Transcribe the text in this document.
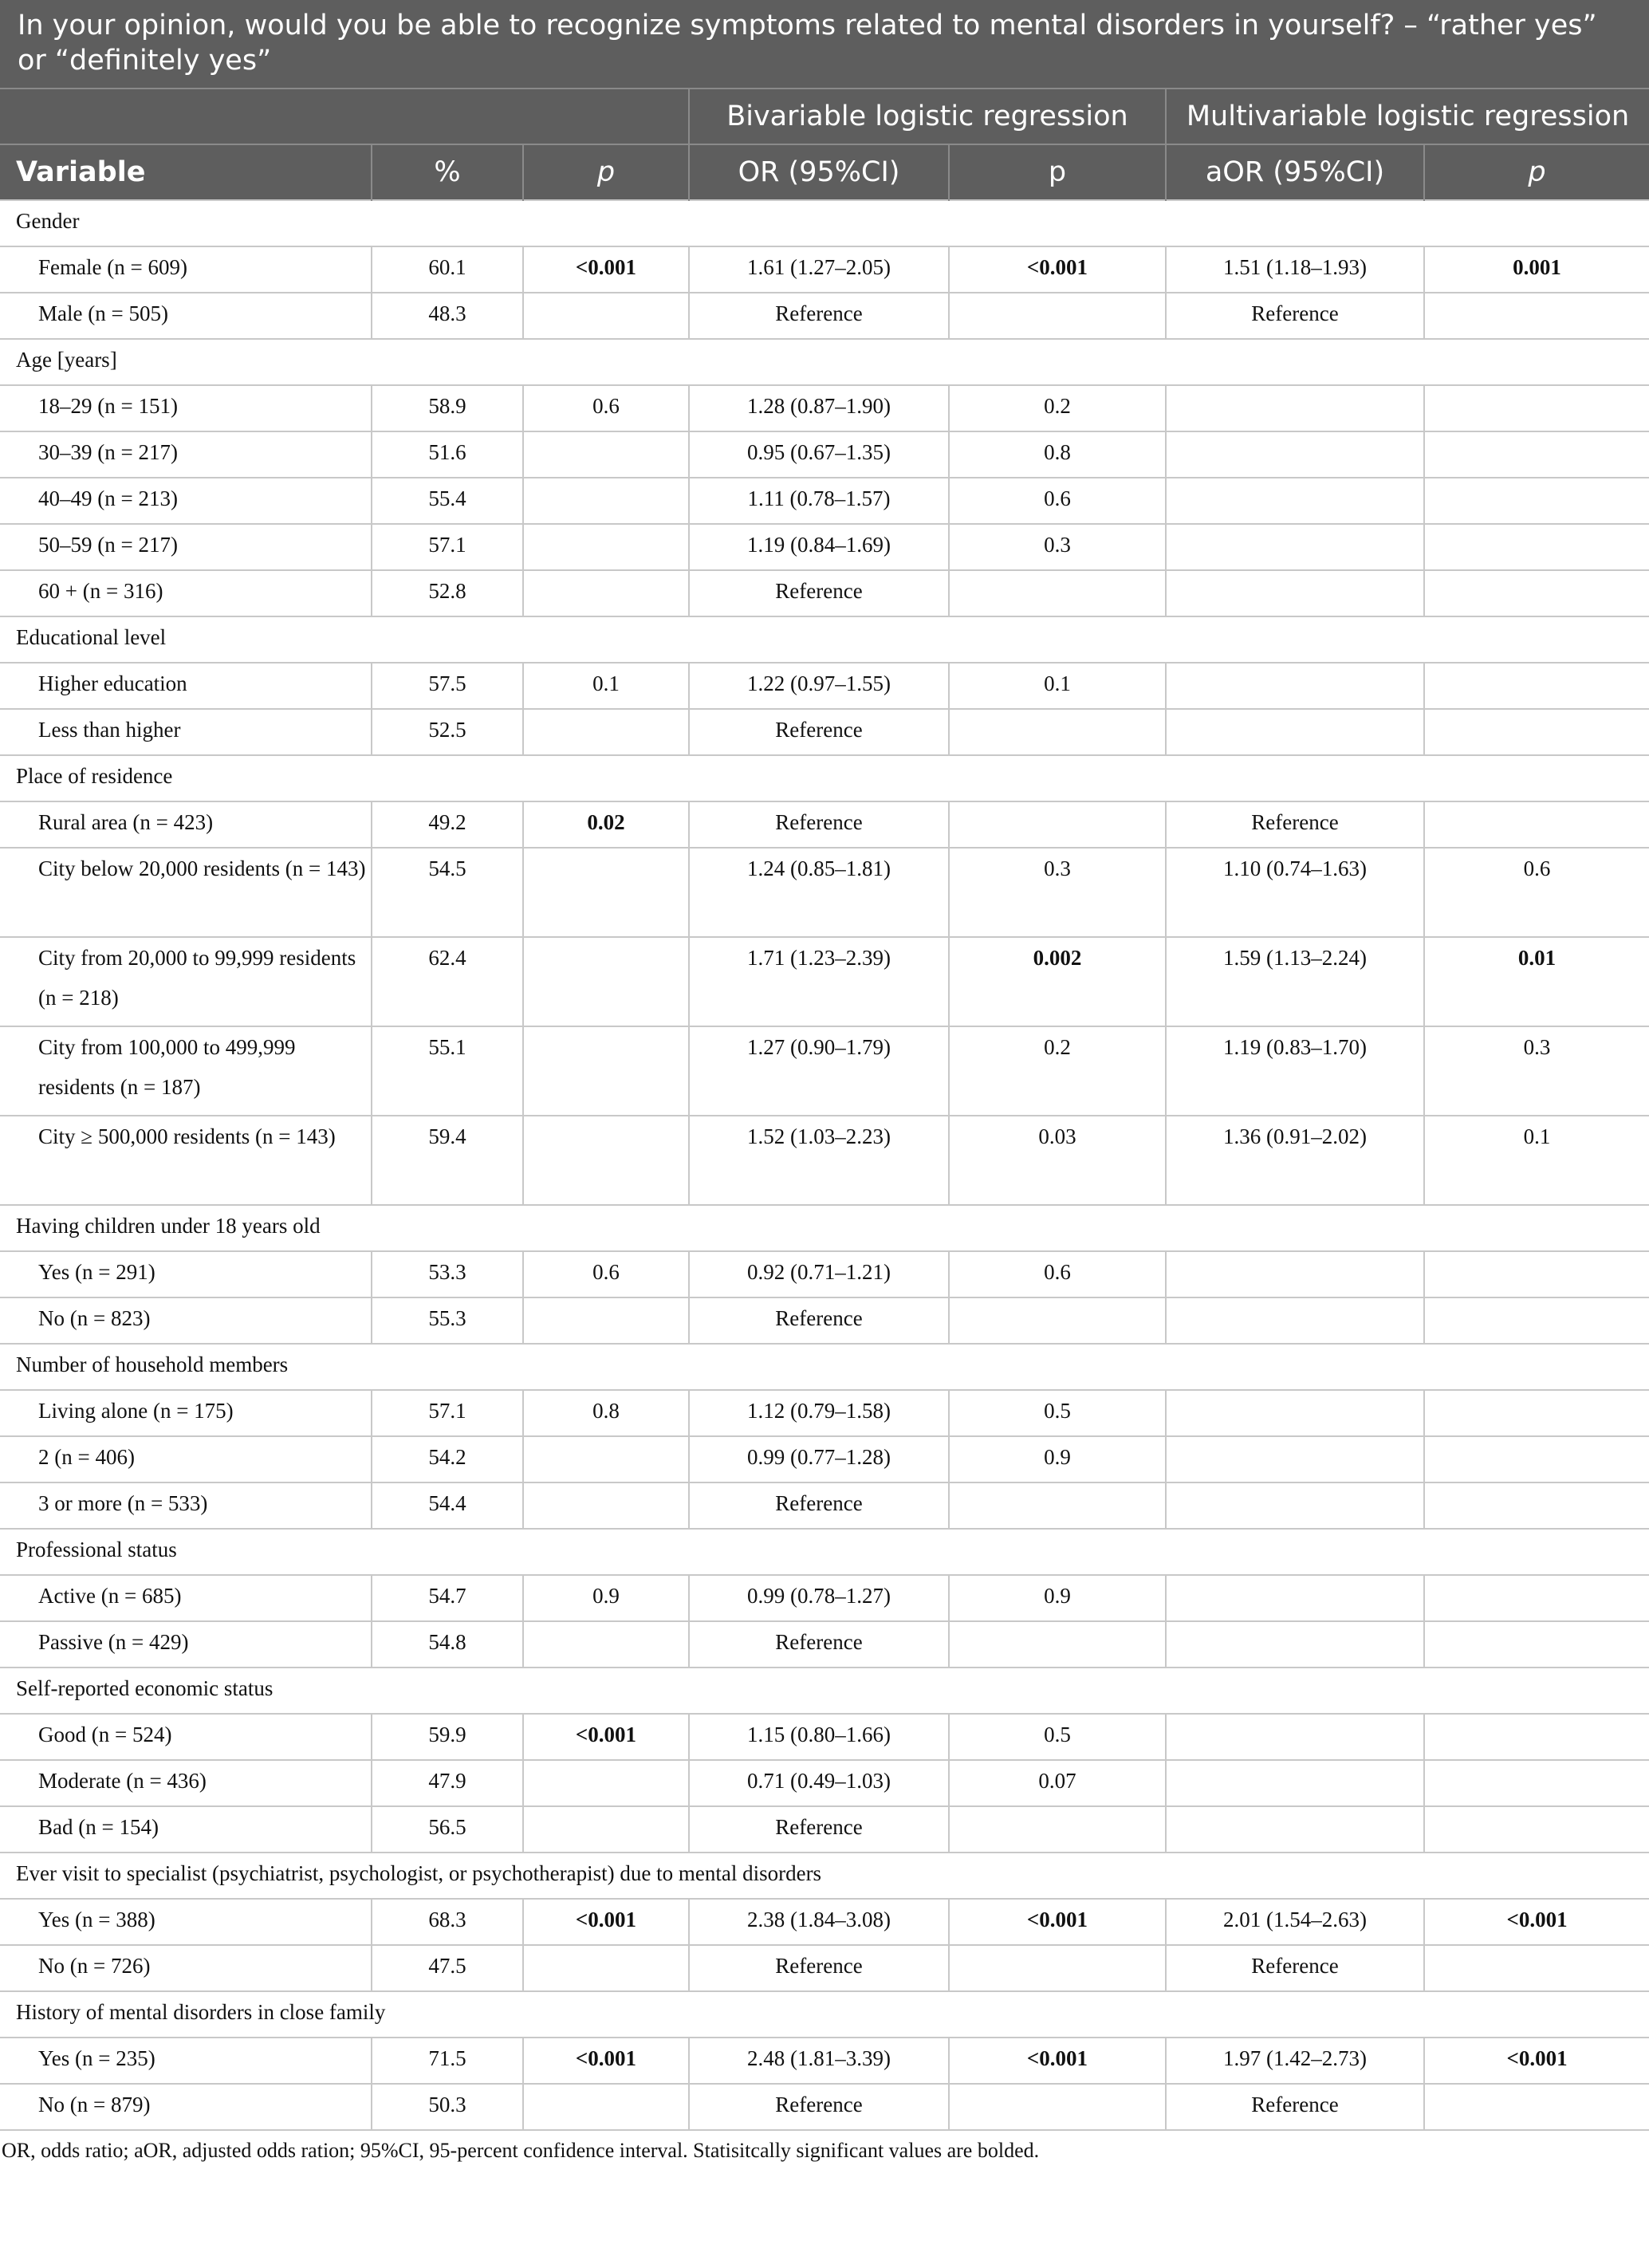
In your opinion, would you be able to recognize symptoms related to mental disorders in yourself? – “rather yes” or “definitely yes”						
			Bivariable logistic regression		Multivariable logistic regression	
Variable	%	p	OR (95%CI)	p	aOR (95%CI)	p
Gender						
Female (n = 609)	60.1	<0.001	1.61 (1.27–2.05)	<0.001	1.51 (1.18–1.93)	0.001
Male (n = 505)	48.3		Reference		Reference	
Age [years]						
18–29 (n = 151)	58.9	0.6	1.28 (0.87–1.90)	0.2		
30–39 (n = 217)	51.6		0.95 (0.67–1.35)	0.8		
40–49 (n = 213)	55.4		1.11 (0.78–1.57)	0.6		
50–59 (n = 217)	57.1		1.19 (0.84–1.69)	0.3		
60 + (n = 316)	52.8		Reference			
Educational level						
Higher education	57.5	0.1	1.22 (0.97–1.55)	0.1		
Less than higher	52.5		Reference			
Place of residence						
Rural area (n = 423)	49.2	0.02	Reference		Reference	
City below 20,000 residents (n = 143)	54.5		1.24 (0.85–1.81)	0.3	1.10 (0.74–1.63)	0.6
City from 20,000 to 99,999 residents (n = 218)	62.4		1.71 (1.23–2.39)	0.002	1.59 (1.13–2.24)	0.01
City from 100,000 to 499,999 residents (n = 187)	55.1		1.27 (0.90–1.79)	0.2	1.19 (0.83–1.70)	0.3
City ≥ 500,000 residents (n = 143)	59.4		1.52 (1.03–2.23)	0.03	1.36 (0.91–2.02)	0.1
Having children under 18 years old						
Yes (n = 291)	53.3	0.6	0.92 (0.71–1.21)	0.6		
No (n = 823)	55.3		Reference			
Number of household members						
Living alone (n = 175)	57.1	0.8	1.12 (0.79–1.58)	0.5		
2 (n = 406)	54.2		0.99 (0.77–1.28)	0.9		
3 or more (n = 533)	54.4		Reference			
Professional status						
Active (n = 685)	54.7	0.9	0.99 (0.78–1.27)	0.9		
Passive (n = 429)	54.8		Reference			
Self-reported economic status						
Good (n = 524)	59.9	<0.001	1.15 (0.80–1.66)	0.5		
Moderate (n = 436)	47.9		0.71 (0.49–1.03)	0.07		
Bad (n = 154)	56.5		Reference			
Ever visit to specialist (psychiatrist, psychologist, or psychotherapist) due to mental disorders						
Yes (n = 388)	68.3	<0.001	2.38 (1.84–3.08)	<0.001	2.01 (1.54–2.63)	<0.001
No (n = 726)	47.5		Reference		Reference	
History of mental disorders in close family						
Yes (n = 235)	71.5	<0.001	2.48 (1.81–3.39)	<0.001	1.97 (1.42–2.73)	<0.001
No (n = 879)	50.3		Reference		Reference	
OR, odds ratio; aOR, adjusted odds ration; 95%CI, 95-percent confidence interval. Statisitcally significant values are bolded.
